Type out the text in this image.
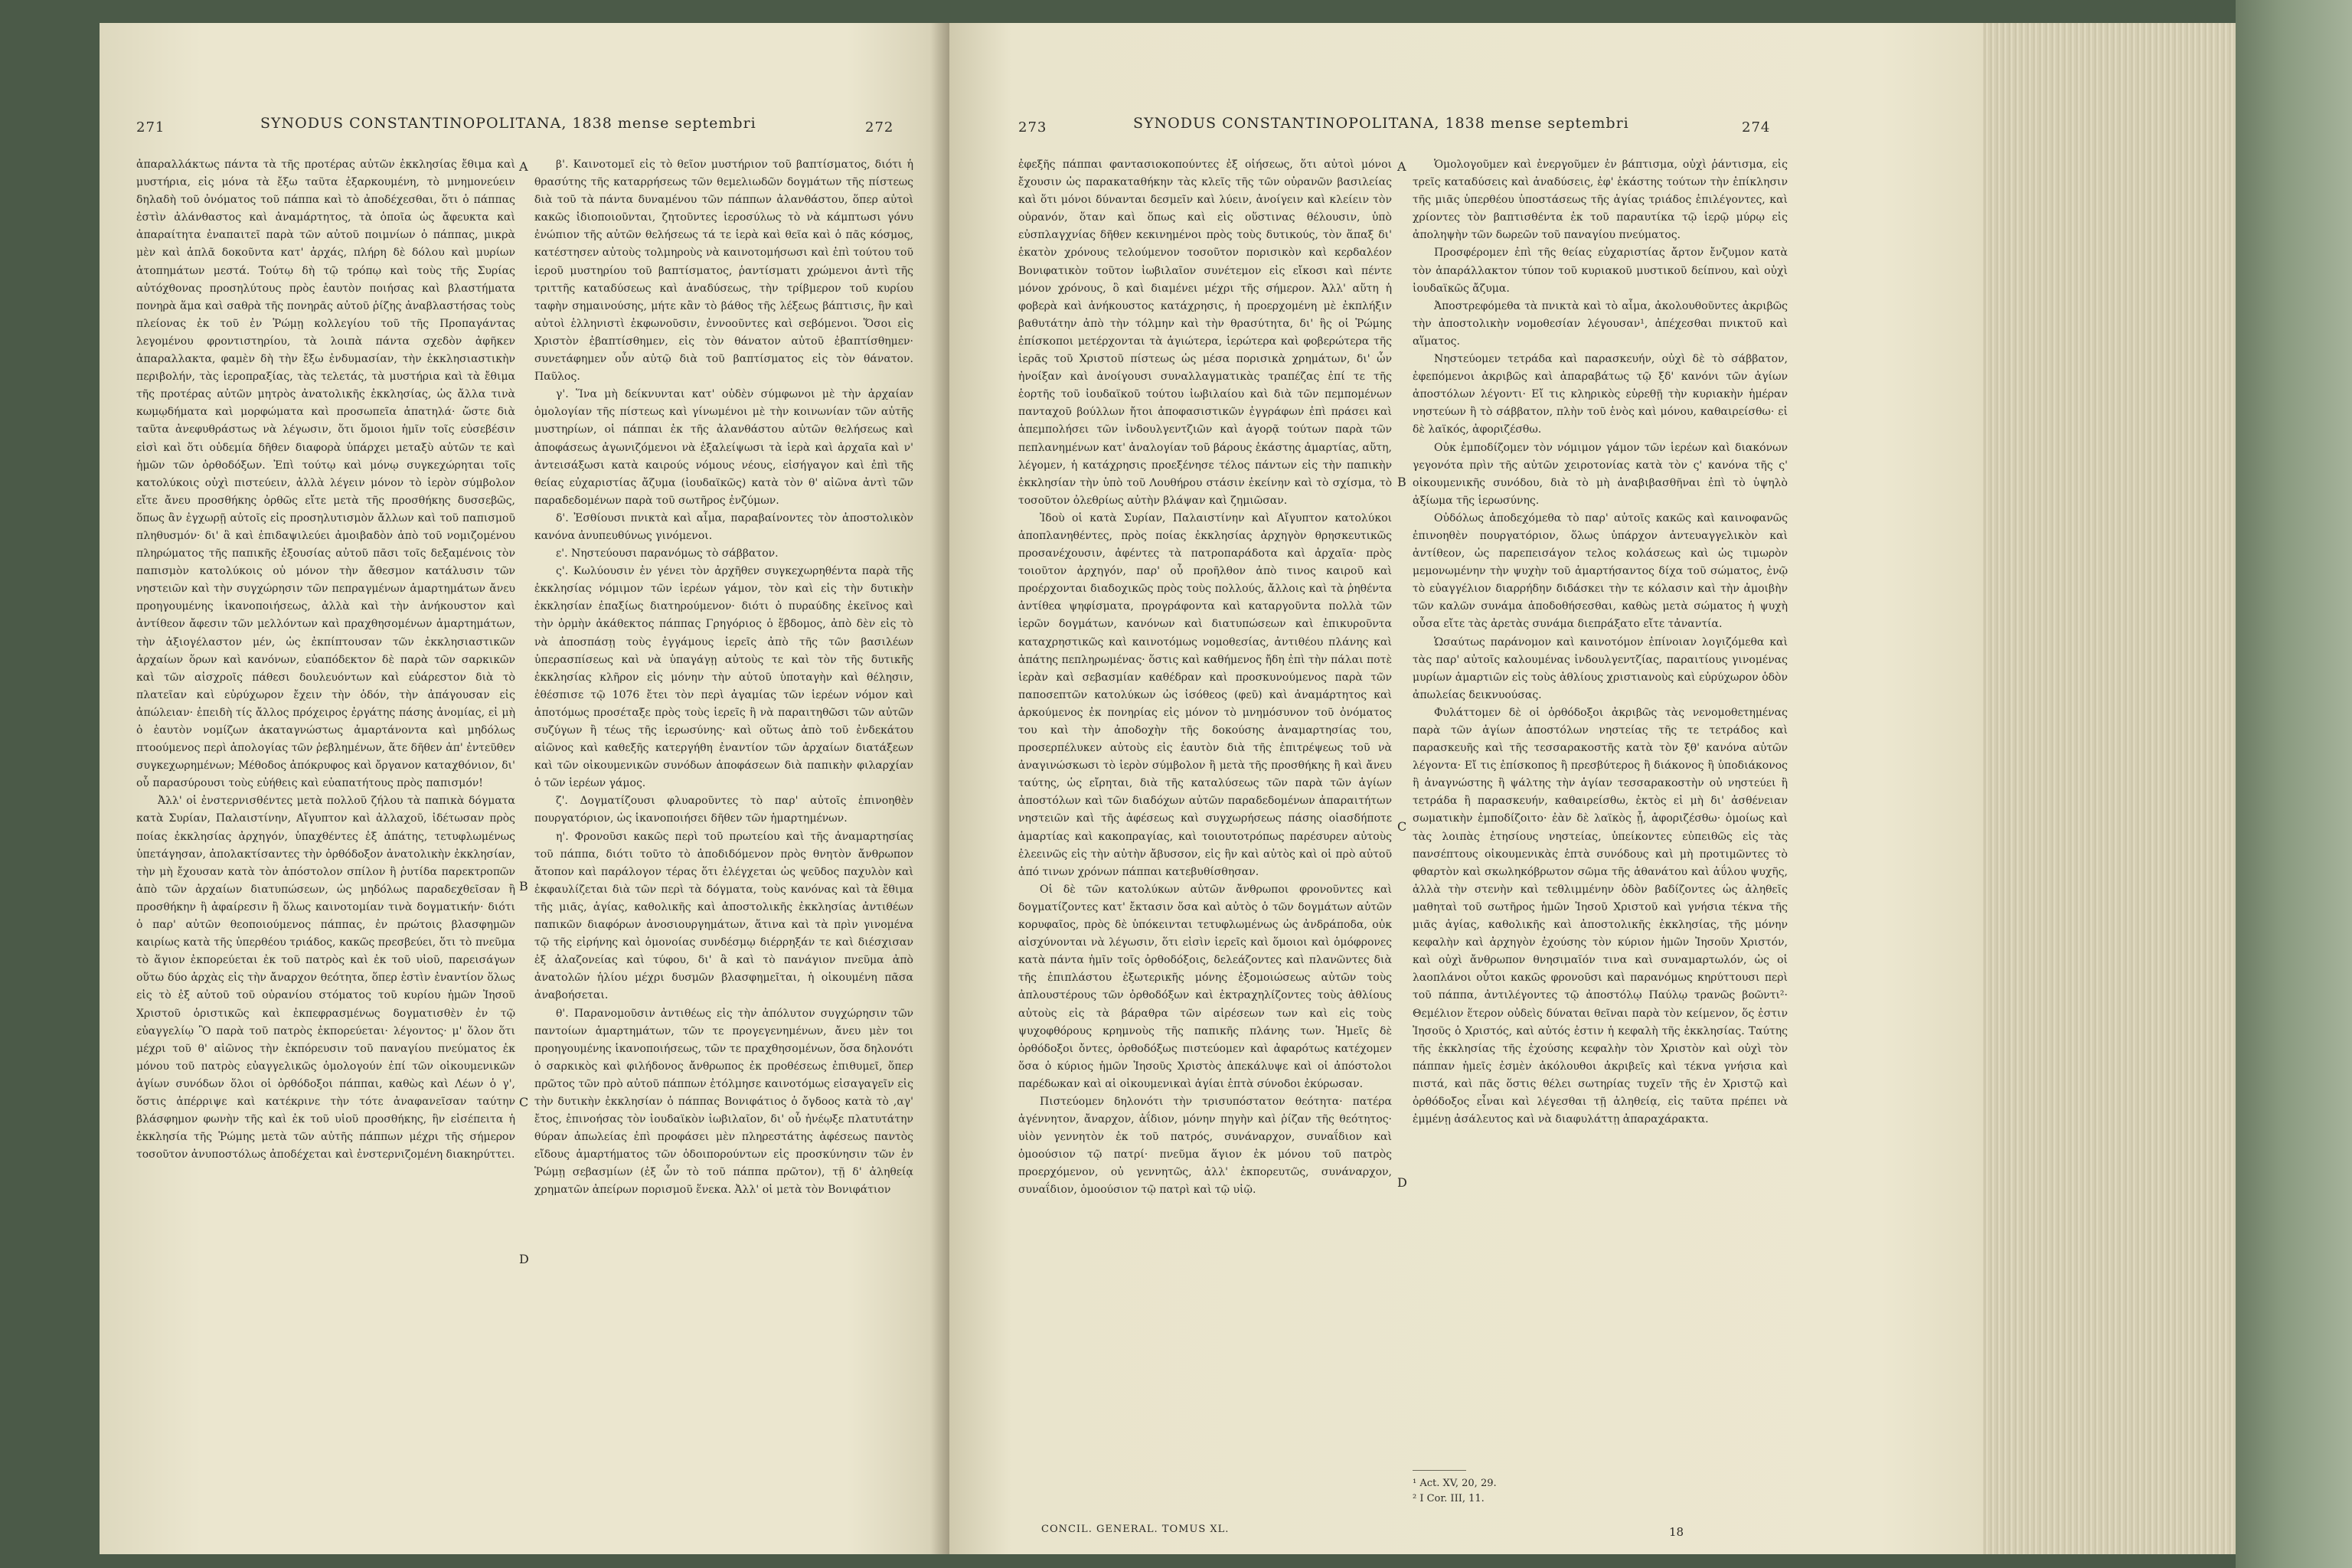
271	SYNODUS CONSTANTINOPOLITANA, 1838 mense septembri	272

ἀπαραλλάκτως πάντα τὰ τῆς προτέρας αὐτῶν ἐκκλησίας ἔθιμα καὶ μυστήρια, εἰς μόνα τὰ ἔξω ταῦτα ἐξαρκουμένη, τὸ μνημονεύειν δηλαδὴ τοῦ ὀνόματος τοῦ πάππα καὶ τὸ ἀποδέχεσθαι, ὅτι ὁ πάππας ἐστὶν ἀλάνθαστος καὶ ἀναμάρτητος, τὰ ὁποῖα ὡς ἄφευκτα καὶ ἀπαραίτητα ἐναπαιτεῖ παρὰ τῶν αὐτοῦ ποιμνίων ὁ πάππας, μικρὰ μὲν καὶ ἁπλᾶ δοκοῦντα κατ' ἀρχάς, πλήρη δὲ δόλου καὶ μυρίων ἀτοπημάτων μεστά. Τούτῳ δὴ τῷ τρόπῳ καὶ τοὺς τῆς Συρίας αὐτόχθονας προσηλύτους πρὸς ἑαυτὸν ποιήσας καὶ βλαστήματα πονηρὰ ἅμα καὶ σαθρὰ τῆς πονηρᾶς αὐτοῦ ῥίζης ἀναβλαστήσας τοὺς πλείονας ἐκ τοῦ ἐν Ῥώμῃ κολλεγίου τοῦ τῆς Προπαγάντας λεγομένου φροντιστηρίου, τὰ λοιπὰ πάντα σχεδὸν ἀφῆκεν ἀπαραλλακτα, φαμὲν δὴ τὴν ἔξω ἐνδυμασίαν, τὴν ἐκκλησιαστικὴν περιβολήν, τὰς ἱεροπραξίας, τὰς τελετάς, τὰ μυστήρια καὶ τὰ ἔθιμα τῆς προτέρας αὐτῶν μητρὸς ἀνατολικῆς ἐκκλησίας, ὡς ἄλλα τινὰ κωμῳδήματα καὶ μορφώματα καὶ προσωπεῖα ἀπατηλά· ὥστε διὰ ταῦτα ἀνεφυθράστως νὰ λέγωσιν, ὅτι ὅμοιοι ἡμῖν τοῖς εὐσεβέσιν εἰσὶ καὶ ὅτι οὐδεμία δῆθεν διαφορὰ ὑπάρχει μεταξὺ αὐτῶν τε καὶ ἡμῶν τῶν ὀρθοδόξων. Ἐπὶ τούτῳ καὶ μόνῳ συγκεχώρηται τοῖς κατολύκοις οὐχὶ πιστεύειν, ἀλλὰ λέγειν μόνον τὸ ἱερὸν σύμβολον εἴτε ἄνευ προσθήκης ὀρθῶς εἴτε μετὰ τῆς προσθήκης δυσσεβῶς, ὅπως ἂν ἐγχωρῇ αὐτοῖς εἰς προσηλυτισμὸν ἄλλων καὶ τοῦ παπισμοῦ πληθυσμόν· δι' ἃ καὶ ἐπιδαψιλεύει ἀμοιβαδὸν ἀπὸ τοῦ νομιζομένου πληρώματος τῆς παπικῆς ἐξουσίας αὐτοῦ πᾶσι τοῖς δεξαμένοις τὸν παπισμὸν κατολύκοις οὐ μόνον τὴν ἄθεσμον κατάλυσιν τῶν νηστειῶν καὶ τὴν συγχώρησιν τῶν πεπραγμένων ἁμαρτημάτων ἄνευ προηγουμένης ἱκανοποιήσεως, ἀλλὰ καὶ τὴν ἀνήκουστον καὶ ἀντίθεον ἄφεσιν τῶν μελλόντων καὶ πραχθησομένων ἁμαρτημάτων, τὴν ἀξιογέλαστον μέν, ὡς ἐκπίπτουσαν τῶν ἐκκλησιαστικῶν ἀρχαίων ὅρων καὶ κανόνων, εὐαπόδεκτον δὲ παρὰ τῶν σαρκικῶν καὶ τῶν αἰσχροῖς πάθεσι δουλευόντων καὶ εὐάρεστον διὰ τὸ πλατεῖαν καὶ εὐρύχωρον ἔχειν τὴν ὁδόν, τὴν ἀπάγουσαν εἰς ἀπώλειαν· ἐπειδὴ τίς ἄλλος πρόχειρος ἐργάτης πάσης ἀνομίας, εἰ μὴ ὁ ἑαυτὸν νομίζων ἀκαταγνώστως ἁμαρτάνοντα καὶ μηδόλως πτοούμενος περὶ ἀπολογίας τῶν ῥεβλημένων, ἅτε δῆθεν ἀπ' ἐντεῦθεν συγκεχωρημένων; Μέθοδος ἀπόκρυφος καὶ ὄργανον καταχθόνιον, δι' οὗ παρασύρουσι τοὺς εὐήθεις καὶ εὐαπατήτους πρὸς παπισμόν!

Ἀλλ' οἱ ἐνστερνισθέντες μετὰ πολλοῦ ζήλου τὰ παπικὰ δόγματα κατὰ Συρίαν, Παλαιστίνην, Αἴγυπτον καὶ ἀλλαχοῦ, ἰδέτωσαν πρὸς ποίας ἐκκλησίας ἀρχηγόν, ὑπαχθέντες ἐξ ἀπάτης, τετυφλωμένως ὑπετάγησαν, ἀπολακτίσαντες τὴν ὀρθόδοξον ἀνατολικὴν ἐκκλησίαν, τὴν μὴ ἔχουσαν κατὰ τὸν ἀπόστολον σπίλον ἢ ῥυτίδα παρεκτροπῶν ἀπὸ τῶν ἀρχαίων διατυπώσεων, ὡς μηδόλως παραδεχθεῖσαν ἢ προσθήκην ἢ ἀφαίρεσιν ἢ ὅλως καινοτομίαν τινὰ δογματικήν· διότι ὁ παρ' αὐτῶν θεοποιούμενος πάππας, ἐν πρώτοις βλασφημῶν καιρίως κατὰ τῆς ὑπερθέου τριάδος, κακῶς πρεσβεύει, ὅτι τὸ πνεῦμα τὸ ἅγιον ἐκπορεύεται ἐκ τοῦ πατρὸς καὶ ἐκ τοῦ υἱοῦ, παρεισάγων οὕτω δύο ἀρχὰς εἰς τὴν ἄναρχον θεότητα, ὅπερ ἐστὶν ἐναντίον ὅλως εἰς τὸ ἐξ αὐτοῦ τοῦ οὐρανίου στόματος τοῦ κυρίου ἡμῶν Ἰησοῦ Χριστοῦ ὁριστικῶς καὶ ἐκπεφρασμένως δογματισθὲν ἐν τῷ εὐαγγελίῳ Ὃ παρὰ τοῦ πατρὸς ἐκπορεύεται· λέγοντος· μ' ὅλον ὅτι μέχρι τοῦ θ' αἰῶνος τὴν ἐκπόρευσιν τοῦ παναγίου πνεύματος ἐκ μόνου τοῦ πατρὸς εὐαγγελικῶς ὁμολογούν ἐπί τῶν οἰκουμενικῶν ἁγίων συνόδων ὅλοι οἱ ὀρθόδοξοι πάππαι, καθὼς καὶ Λέων ὁ γ', ὅστις ἀπέρριψε καὶ κατέκρινε τὴν τότε ἀναφανεῖσαν ταύτην βλάσφημον φωνὴν τῆς καὶ ἐκ τοῦ υἱοῦ προσθήκης, ἣν εἰσέπειτα ἡ ἐκκλησία τῆς Ῥώμης μετὰ τῶν αὐτῆς πάππων μέχρι τῆς σήμερον τοσοῦτον ἀνυποστόλως ἀποδέχεται καὶ ἐνστερνιζομένη διακηρύττει.

A
B
C
D

β'. Καινοτομεῖ εἰς τὸ θεῖον μυστήριον τοῦ βαπτίσματος, διότι ἡ θρασύτης τῆς καταρρήσεως τῶν θεμελιωδῶν δογμάτων τῆς πίστεως διὰ τοῦ τὰ πάντα δυναμένου τῶν πάππων ἀλανθάστου, ὅπερ αὐτοὶ κακῶς ἰδιοποιοῦνται, ζητοῦντες ἱεροσύλως τὸ νὰ κάμπτωσι γόνυ ἐνώπιον τῆς αὐτῶν θελήσεως τά τε ἱερὰ καὶ θεῖα καὶ ὁ πᾶς κόσμος, κατέστησεν αὐτοὺς τολμηροὺς νὰ καινοτομήσωσι καὶ ἐπὶ τούτου τοῦ ἱεροῦ μυστηρίου τοῦ βαπτίσματος, ῥαντίσματι χρώμενοι ἀντὶ τῆς τριττῆς καταδύσεως καὶ ἀναδύσεως, τὴν τρίβμερον τοῦ κυρίου ταφὴν σημαινούσης, μήτε κἂν τὸ βάθος τῆς λέξεως βάπτισις, ἣν καὶ αὐτοὶ ἑλληνιστὶ ἐκφωνοῦσιν, ἐννοοῦντες καὶ σεβόμενοι. Ὅσοι εἰς Χριστὸν ἐβαπτίσθημεν, εἰς τὸν θάνατον αὐτοῦ ἐβαπτίσθημεν· συνετάφημεν οὖν αὐτῷ διὰ τοῦ βαπτίσματος εἰς τὸν θάνατον. Παῦλος.

γ'. Ἵνα μὴ δείκνυνται κατ' οὐδὲν σύμφωνοι μὲ τὴν ἀρχαίαν ὁμολογίαν τῆς πίστεως καὶ γίνωμένοι μὲ τὴν κοινωνίαν τῶν αὐτῆς μυστηρίων, οἱ πάππαι ἐκ τῆς ἀλανθάστου αὐτῶν θελήσεως καὶ ἀποφάσεως ἀγωνιζόμενοι νὰ ἐξαλείψωσι τὰ ἱερὰ καὶ ἀρχαῖα καὶ ν' ἀντεισάξωσι κατὰ καιρούς νόμους νέους, εἰσήγαγον καὶ ἐπὶ τῆς θείας εὐχαριστίας ἄζυμα (ἰουδαϊκῶς) κατὰ τὸν θ' αἰῶνα ἀντὶ τῶν παραδεδομένων παρὰ τοῦ σωτῆρος ἐνζύμων.

δ'. Ἐσθίουσι πνικτὰ καὶ αἷμα, παραβαίνοντες τὸν ἀποστολικὸν κανόνα ἀνυπευθύνως γινόμενοι.

ε'. Νηστεύουσι παρανόμως τὸ σάββατον.

ς'. Κωλύουσιν ἐν γένει τὸν ἀρχῆθεν συγκεχωρηθέντα παρὰ τῆς ἐκκλησίας νόμιμον τῶν ἱερέων γάμον, τὸν καὶ εἰς τὴν δυτικὴν ἐκκλησίαν ἐπαξίως διατηρούμενον· διότι ὁ πυραύδης ἐκεῖνος καὶ τὴν ὁρμὴν ἀκάθεκτος πάππας Γρηγόριος ὁ ἕβδομος, ἀπὸ δὲν εἰς τὸ νὰ ἀποσπάσῃ τοὺς ἐγγάμους ἱερεῖς ἀπὸ τῆς τῶν βασιλέων ὑπερασπίσεως καὶ νὰ ὑπαγάγῃ αὐτοὺς τε καὶ τὸν τῆς δυτικῆς ἐκκλησίας κλῆρον εἰς μόνην τὴν αὐτοῦ ὑποταγὴν καὶ θέλησιν, ἐθέσπισε τῷ 1076 ἔτει τὸν περὶ ἀγαμίας τῶν ἱερέων νόμον καὶ ἀποτόμως προσέταξε πρὸς τοὺς ἱερεῖς ἢ νὰ παραιτηθῶσι τῶν αὐτῶν συζύγων ἢ τέως τῆς ἱερωσύνης· καὶ οὕτως ἀπὸ τοῦ ἐνδεκάτου αἰῶνος καὶ καθεξῆς κατεργήθη ἐναντίον τῶν ἀρχαίων διατάξεων καὶ τῶν οἰκουμενικῶν συνόδων ἀποφάσεων διὰ παπικὴν φιλαρχίαν ὁ τῶν ἱερέων γάμος.

ζ'. Δογματίζουσι φλυαροῦντες τὸ παρ' αὐτοῖς ἐπινοηθὲν πουργατόριον, ὡς ἱκανοποιήσει δῆθεν τῶν ἡμαρτημένων.

η'. Φρονοῦσι κακῶς περὶ τοῦ πρωτείου καὶ τῆς ἀναμαρτησίας τοῦ πάππα, διότι τοῦτο τὸ ἀποδιδόμενον πρὸς θνητὸν ἄνθρωπον ἄτοπον καὶ παράλογον τέρας ὅτι ἐλέγχεται ὡς ψεῦδος παχυλὸν καὶ ἐκφαυλίζεται διὰ τῶν περὶ τὰ δόγματα, τοὺς κανόνας καὶ τὰ ἔθιμα τῆς μιᾶς, ἁγίας, καθολικῆς καὶ ἀποστολικῆς ἐκκλησίας ἀντιθέων παπικῶν διαφόρων ἀνοσιουργημάτων, ἅτινα καὶ τὰ πρὶν γινομένα τῷ τῆς εἰρήνης καὶ ὁμονοίας συνδέσμῳ διέρρηξάν τε καὶ διέσχισαν ἐξ ἀλαζονείας καὶ τύφου, δι' ἃ καὶ τὸ πανάγιον πνεῦμα ἀπὸ ἀνατολῶν ἡλίου μέχρι δυσμῶν βλασφημεῖται, ἡ οἰκουμένη πᾶσα ἀναβοήσεται.

θ'. Παρανομοῦσιν ἀντιθέως εἰς τὴν ἀπόλυτον συγχώρησιν τῶν παντοίων ἁμαρτημάτων, τῶν τε προγεγενημένων, ἄνευ μὲν τοι προηγουμένης ἱκανοποιήσεως, τῶν τε πραχθησομένων, ὅσα δηλονότι ὁ σαρκικὸς καὶ φιλήδονος ἄνθρωπος ἐκ προθέσεως ἐπιθυμεῖ, ὅπερ πρῶτος τῶν πρὸ αὐτοῦ πάππων ἐτόλμησε καινοτόμως εἰσαγαγεῖν εἰς τὴν δυτικὴν ἐκκλησίαν ὁ πάππας Βονιφάτιος ὁ ὄγδοος κατὰ τὸ ,αγ' ἔτος, ἐπινοήσας τὸν ἰουδαϊκὸν ἰωβιλαῖον, δι' οὗ ἠνέῳξε πλατυτάτην θύραν ἀπωλείας ἐπὶ προφάσει μὲν πληρεστάτης ἀφέσεως παντὸς εἴδους ἁμαρτήματος τῶν ὁδοιπορούντων εἰς προσκύνησιν τῶν ἐν Ῥώμῃ σεβασμίων (ἐξ ὧν τὸ τοῦ πάππα πρῶτον), τῇ δ' ἀληθείᾳ χρηματῶν ἀπείρων πορισμοῦ ἕνεκα. Ἀλλ' οἱ μετὰ τὸν Βονιφάτιον

273	SYNODUS CONSTANTINOPOLITANA, 1838 mense septembri	274

ἐφεξῆς πάππαι φαντασιοκοπούντες ἐξ οἰήσεως, ὅτι αὐτοὶ μόνοι ἔχουσιν ὡς παρακαταθήκην τὰς κλεῖς τῆς τῶν οὐρανῶν βασιλείας καὶ ὅτι μόνοι δύνανται δεσμεῖν καὶ λύειν, ἀνοίγειν καὶ κλείειν τὸν οὐρανόν, ὅταν καὶ ὅπως καὶ εἰς οὕστινας θέλουσιν, ὑπὸ εὐσπλαγχνίας δῆθεν κεκινημένοι πρὸς τοὺς δυτικούς, τὸν ἅπαξ δι' ἑκατὸν χρόνους τελούμενον τοσοῦτον πορισικὸν καὶ κερδαλέον Βονιφατικὸν τοῦτον ἰωβιλαῖον συνέτεμον εἰς εἴκοσι καὶ πέντε μόνον χρόνους, ὃ καὶ διαμένει μέχρι τῆς σήμερον. Ἀλλ' αὕτη ἡ φοβερὰ καὶ ἀνήκουστος κατάχρησις, ἡ προερχομένη μὲ ἐκπλήξιν βαθυτάτην ἀπὸ τὴν τόλμην καὶ τὴν θρασύτητα, δι' ἣς οἱ Ῥώμης ἐπίσκοποι μετέρχονται τὰ ἁγιώτερα, ἱερώτερα καὶ φοβερώτερα τῆς ἱερᾶς τοῦ Χριστοῦ πίστεως ὡς μέσα πορισικὰ χρημάτων, δι' ὧν ἠνοίξαν καὶ ἀνοίγουσι συναλλαγματικὰς τραπέζας ἐπί τε τῆς ἑορτῆς τοῦ ἰουδαϊκοῦ τούτου ἰωβιλαίου καὶ διὰ τῶν πεμπομένων πανταχοῦ βούλλων ἤτοι ἀποφασιστικῶν ἐγγράφων ἐπὶ πράσει καὶ ἀπεμπολήσει τῶν ἰνδουλγεντζιῶν καὶ ἀγορᾷ τούτων παρὰ τῶν πεπλανημένων κατ' ἀναλογίαν τοῦ βάρους ἑκάστης ἁμαρτίας, αὕτη, λέγομεν, ἡ κατάχρησις προεξένησε τέλος πάντων εἰς τὴν παπικὴν ἐκκλησίαν τὴν ὑπὸ τοῦ Λουθήρου στάσιν ἐκείνην καὶ τὸ σχίσμα, τὸ τοσοῦτον ὀλεθρίως αὐτὴν βλάψαν καὶ ζημιῶσαν.

Ἰδοὺ οἱ κατὰ Συρίαν, Παλαιστίνην καὶ Αἴγυπτον κατολύκοι ἀποπλανηθέντες, πρὸς ποίας ἐκκλησίας ἀρχηγὸν θρησκευτικῶς προσανέχουσιν, ἀφέντες τὰ πατροπαράδοτα καὶ ἀρχαῖα· πρὸς τοιοῦτον ἀρχηγόν, παρ' οὗ προῆλθον ἀπὸ τινος καιροῦ καὶ προέρχονται διαδοχικῶς πρὸς τοὺς πολλούς, ἄλλοις καὶ τὰ ῥηθέντα ἀντίθεα ψηφίσματα, προγράφοντα καὶ καταργοῦντα πολλὰ τῶν ἱερῶν δογμάτων, κανόνων καὶ διατυπώσεων καὶ ἐπικυροῦντα καταχρηστικῶς καὶ καινοτόμως νομοθεσίας, ἀντιθέου πλάνης καὶ ἀπάτης πεπληρωμένας· ὅστις καὶ καθήμενος ἤδη ἐπὶ τὴν πάλαι ποτὲ ἱερὰν καὶ σεβασμίαν καθέδραν καὶ προσκυνούμενος παρὰ τῶν παποσεπτῶν κατολύκων ὡς ἰσόθεος (φεῦ) καὶ ἀναμάρτητος καὶ ἀρκούμενος ἐκ πονηρίας εἰς μόνον τὸ μνημόσυνον τοῦ ὀνόματος του καὶ τὴν ἀποδοχὴν τῆς δοκούσης ἀναμαρτησίας του, προσερπέλυκεν αὐτοὺς εἰς ἑαυτὸν διὰ τῆς ἐπιτρέψεως τοῦ νὰ ἀναγινώσκωσι τὸ ἱερὸν σύμβολον ἢ μετὰ τῆς προσθήκης ἢ καὶ ἄνευ ταύτης, ὡς εἴρηται, διὰ τῆς καταλύσεως τῶν παρὰ τῶν ἁγίων ἀποστόλων καὶ τῶν διαδόχων αὐτῶν παραδεδομένων ἀπαραιτήτων νηστειῶν καὶ τῆς ἀφέσεως καὶ συγχωρήσεως πάσης οἱασδήποτε ἁμαρτίας καὶ κακοπραγίας, καὶ τοιουτοτρόπως παρέσυρεν αὐτοὺς ἐλεεινῶς εἰς τὴν αὐτὴν ἄβυσσον, εἰς ἣν καὶ αὐτὸς καὶ οἱ πρὸ αὐτοῦ ἀπό τινων χρόνων πάππαι κατεβυθίσθησαν.

Οἱ δὲ τῶν κατολύκων αὐτῶν ἄνθρωποι φρονοῦντες καὶ δογματίζοντες κατ' ἔκτασιν ὅσα καὶ αὐτὸς ὁ τῶν δογμάτων αὐτῶν κορυφαῖος, πρὸς δὲ ὑπόκεινται τετυφλωμένως ὡς ἀνδράποδα, οὐκ αἰσχύνονται νὰ λέγωσιν, ὅτι εἰσὶν ἱερεῖς καὶ ὅμοιοι καὶ ὁμόφρονες κατὰ πάντα ἡμῖν τοῖς ὀρθοδόξοις, δελεάζοντες καὶ πλανῶντες διὰ τῆς ἐπιπλάστου ἐξωτερικῆς μόνης ἐξομοιώσεως αὐτῶν τοὺς ἀπλουστέρους τῶν ὀρθοδόξων καὶ ἐκτραχηλίζοντες τοὺς ἀθλίους αὐτοὺς εἰς τὰ βάραθρα τῶν αἱρέσεων των καὶ εἰς τοὺς ψυχοφθόρους κρημνοὺς τῆς παπικῆς πλάνης των. Ἡμεῖς δὲ ὀρθόδοξοι ὄντες, ὀρθοδόξως πιστεύομεν καὶ ἀφαρότως κατέχομεν ὅσα ὁ κύριος ἡμῶν Ἰησοῦς Χριστὸς ἀπεκάλυψε καὶ οἱ ἀπόστολοι παρέδωκαν καὶ αἱ οἰκουμενικαὶ ἁγίαι ἑπτὰ σύνοδοι ἐκύρωσαν.

Πιστεύομεν δηλονότι τὴν τρισυπόστατον θεότητα· πατέρα ἀγέννητον, ἄναρχον, ἀΐδιον, μόνην πηγὴν καὶ ῥίζαν τῆς θεότητος· υἱὸν γεννητὸν ἐκ τοῦ πατρός, συνάναρχον, συναΐδιον καὶ ὁμοούσιον τῷ πατρί· πνεῦμα ἅγιον ἐκ μόνου τοῦ πατρὸς προερχόμενον, οὐ γεννητῶς, ἀλλ' ἐκπορευτῶς, συνάναρχον, συναΐδιον, ὁμοούσιον τῷ πατρὶ καὶ τῷ υἱῷ.

A
B
C
D

Ὁμολογοῦμεν καὶ ἐνεργοῦμεν ἐν βάπτισμα, οὐχὶ ῥάντισμα, εἰς τρεῖς καταδύσεις καὶ ἀναδύσεις, ἐφ' ἑκάστης τούτων τὴν ἐπίκλησιν τῆς μιᾶς ὑπερθέου ὑποστάσεως τῆς ἁγίας τριάδος ἐπιλέγοντες, καὶ χρίοντες τὸν βαπτισθέντα ἐκ τοῦ παραυτίκα τῷ ἱερῷ μύρῳ εἰς ἀποληψὴν τῶν δωρεῶν τοῦ παναγίου πνεύματος.

Προσφέρομεν ἐπὶ τῆς θείας εὐχαριστίας ἄρτον ἔνζυμον κατὰ τὸν ἀπαράλλακτον τύπον τοῦ κυριακοῦ μυστικοῦ δείπνου, καὶ οὐχὶ ἰουδαϊκῶς ἄζυμα.

Ἀποστρεφόμεθα τὰ πνικτὰ καὶ τὸ αἷμα, ἀκολουθοῦντες ἀκριβῶς τὴν ἀποστολικὴν νομοθεσίαν λέγουσαν¹, ἀπέχεσθαι πνικτοῦ καὶ αἵματος.

Νηστεύομεν τετράδα καὶ παρασκευήν, οὐχὶ δὲ τὸ σάββατον, ἐφεπόμενοι ἀκριβῶς καὶ ἀπαραβάτως τῷ ξδ' κανόνι τῶν ἁγίων ἀποστόλων λέγοντι· Εἴ τις κληρικὸς εὑρεθῇ τὴν κυριακὴν ἡμέραν νηστεύων ἢ τὸ σάββατον, πλὴν τοῦ ἑνὸς καὶ μόνου, καθαιρείσθω· εἰ δὲ λαϊκός, ἀφοριζέσθω.

Οὐκ ἐμποδίζομεν τὸν νόμιμον γάμον τῶν ἱερέων καὶ διακόνων γεγονότα πρὶν τῆς αὐτῶν χειροτονίας κατὰ τὸν ς' κανόνα τῆς ς' οἰκουμενικῆς συνόδου, διὰ τὸ μὴ ἀναβιβασθῆναι ἐπὶ τὸ ὑψηλὸ ἀξίωμα τῆς ἱερωσύνης.

Οὐδόλως ἀποδεχόμεθα τὸ παρ' αὐτοῖς κακῶς καὶ καινοφανῶς ἐπινοηθὲν πουργατόριον, ὅλως ὑπάρχον ἀντευαγγελικὸν καὶ ἀντίθεον, ὡς παρεπεισάγον τελος κολάσεως καὶ ὡς τιμωρὸν μεμονωμένην τὴν ψυχὴν τοῦ ἁμαρτήσαντος δίχα τοῦ σώματος, ἐνῷ τὸ εὐαγγέλιον διαρρήδην διδάσκει τὴν τε κόλασιν καὶ τὴν ἀμοιβὴν τῶν καλῶν συνάμα ἀποδοθήσεσθαι, καθὼς μετὰ σώματος ἡ ψυχὴ οὖσα εἴτε τὰς ἀρετὰς συνάμα διεπράξατο εἴτε τἀναντία.

Ὡσαύτως παράνομον καὶ καινοτόμον ἐπίνοιαν λογιζόμεθα καὶ τὰς παρ' αὐτοῖς καλουμένας ἰνδουλγεντζίας, παραιτίους γινομένας μυρίων ἁμαρτιῶν εἰς τοὺς ἀθλίους χριστιανοὺς καὶ εὐρύχωρον ὁδὸν ἀπωλείας δεικνυούσας.

Φυλάττομεν δὲ οἱ ὀρθόδοξοι ἀκριβῶς τὰς νενομοθετημένας παρὰ τῶν ἁγίων ἀποστόλων νηστείας τῆς τε τετράδος καὶ παρασκευῆς καὶ τῆς τεσσαρακοστῆς κατὰ τὸν ξθ' κανόνα αὐτῶν λέγοντα· Εἴ τις ἐπίσκοπος ἢ πρεσβύτερος ἢ διάκονος ἢ ὑποδιάκονος ἢ ἀναγνώστης ἢ ψάλτης τὴν ἁγίαν τεσσαρακοστὴν οὐ νηστεύει ἢ τετράδα ἢ παρασκευήν, καθαιρείσθω, ἐκτὸς εἰ μὴ δι' ἀσθένειαν σωματικὴν ἐμποδίζοιτο· ἐὰν δὲ λαϊκὸς ᾖ, ἀφοριζέσθω· ὁμοίως καὶ τὰς λοιπὰς ἐτησίους νηστείας, ὑπείκοντες εὐπειθῶς εἰς τὰς πανσέπτους οἰκουμενικὰς ἑπτὰ συνόδους καὶ μὴ προτιμῶντες τὸ φθαρτὸν καὶ σκωληκόβρωτον σῶμα τῆς ἀθανάτου καὶ ἀΰλου ψυχῆς, ἀλλὰ τὴν στενὴν καὶ τεθλιμμένην ὁδὸν βαδίζοντες ὡς ἀληθεῖς μαθηταὶ τοῦ σωτῆρος ἡμῶν Ἰησοῦ Χριστοῦ καὶ γνήσια τέκνα τῆς μιᾶς ἁγίας, καθολικῆς καὶ ἀποστολικῆς ἐκκλησίας, τῆς μόνην κεφαλὴν καὶ ἀρχηγὸν ἐχούσης τὸν κύριον ἡμῶν Ἰησοῦν Χριστόν, καὶ οὐχὶ ἄνθρωπον θνησιμαῖόν τινα καὶ συναμαρτωλόν, ὡς οἱ λαοπλάνοι οὗτοι κακῶς φρονοῦσι καὶ παρανόμως κηρύττουσι περὶ τοῦ πάππα, ἀντιλέγοντες τῷ ἀποστόλῳ Παύλῳ τρανῶς βοῶντι²· Θεμέλιον ἕτερον οὐδεὶς δύναται θεῖναι παρὰ τὸν κείμενον, ὅς ἐστιν Ἰησοῦς ὁ Χριστός, καὶ αὐτός ἐστιν ἡ κεφαλὴ τῆς ἐκκλησίας. Ταύτης τῆς ἐκκλησίας τῆς ἐχούσης κεφαλὴν τὸν Χριστὸν καὶ οὐχὶ τὸν πάππαν ἡμεῖς ἐσμὲν ἀκόλουθοι ἀκριβεῖς καὶ τέκνα γνήσια καὶ πιστά, καὶ πᾶς ὅστις θέλει σωτηρίας τυχεῖν τῆς ἐν Χριστῷ καὶ ὀρθόδοξος εἶναι καὶ λέγεσθαι τῇ ἀληθείᾳ, εἰς ταῦτα πρέπει νὰ ἐμμένῃ ἀσάλευτος καὶ νὰ διαφυλάττῃ ἀπαραχάρακτα.

¹ Act. XV, 20, 29.
² I Cor. III, 11.
CONCIL. GENERAL. TOMUS XL.	18
